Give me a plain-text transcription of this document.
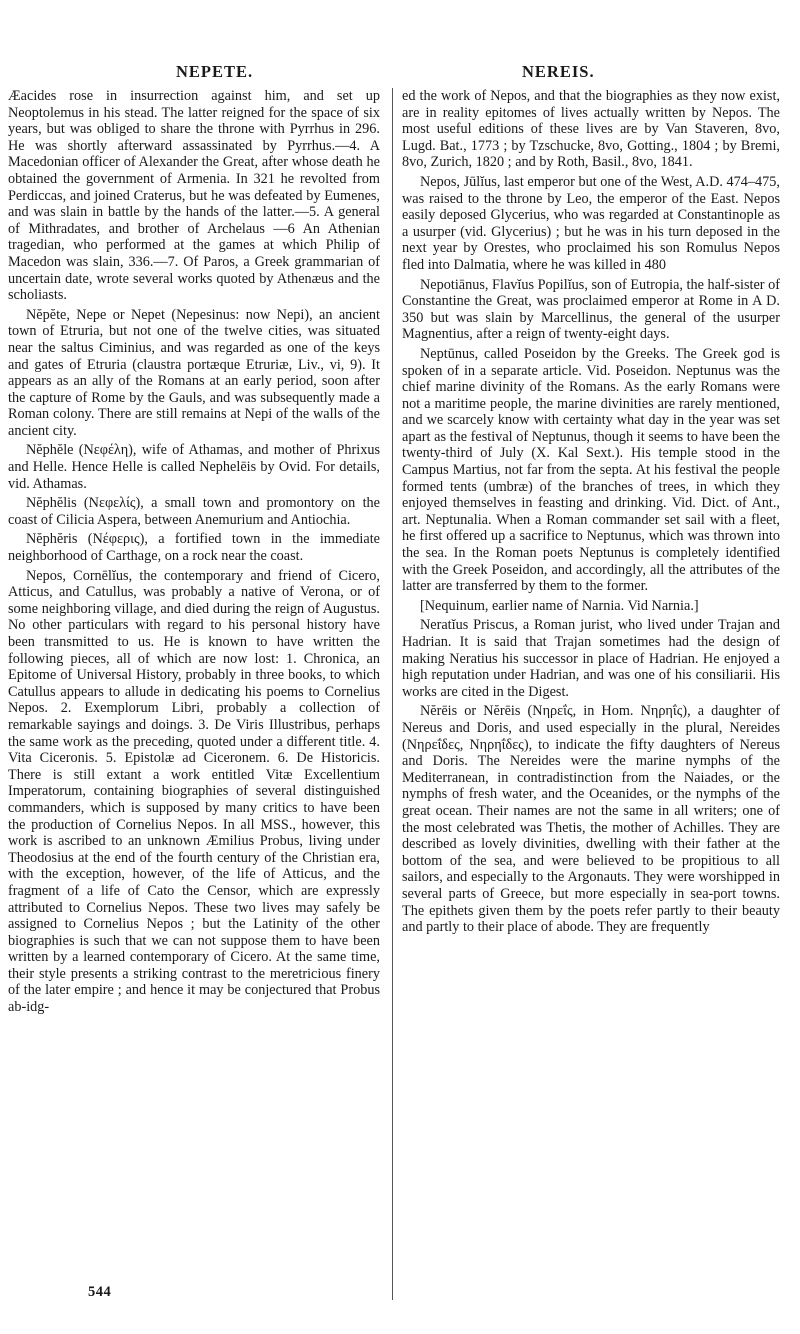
NEPETE.	NEREIS.

Æacides rose in insurrection against him, and set up Neoptolemus in his stead. The latter reigned for the space of six years, but was obliged to share the throne with Pyrrhus in 296. He was shortly afterward assassinated by Pyrrhus.—4. A Macedonian officer of Alexander the Great, after whose death he obtained the government of Armenia. In 321 he revolted from Perdiccas, and joined Craterus, but he was defeated by Eumenes, and was slain in battle by the hands of the latter.—5. A general of Mithradates, and brother of Archelaus —6 An Athenian tragedian, who performed at the games at which Philip of Macedon was slain, 336.—7. Of Paros, a Greek grammarian of uncertain date, wrote several works quoted by Athenæus and the scholiasts.

Nĕpĕte, Nepe or Nepet (Nepesinus: now Nepi), an ancient town of Etruria, but not one of the twelve cities, was situated near the saltus Ciminius, and was regarded as one of the keys and gates of Etruria (claustra portæque Etruriæ, Liv., vi, 9). It appears as an ally of the Romans at an early period, soon after the capture of Rome by the Gauls, and was subsequently made a Roman colony. There are still remains at Nepi of the walls of the ancient city.

Nĕphĕle (Νεφέλη), wife of Athamas, and mother of Phrixus and Helle. Hence Helle is called Nephelēis by Ovid. For details, vid. Athamas.

Nĕphĕlis (Νεφελίς), a small town and promontory on the coast of Cilicia Aspera, between Anemurium and Antiochia.

Nĕphĕris (Νέφερις), a fortified town in the immediate neighborhood of Carthage, on a rock near the coast.

Nepos, Cornēlĭus, the contemporary and friend of Cicero, Atticus, and Catullus, was probably a native of Verona, or of some neighboring village, and died during the reign of Augustus. No other particulars with regard to his personal history have been transmitted to us. He is known to have written the following pieces, all of which are now lost: 1. Chronica, an Epitome of Universal History, probably in three books, to which Catullus appears to allude in dedicating his poems to Cornelius Nepos. 2. Exemplorum Libri, probably a collection of remarkable sayings and doings. 3. De Viris Illustribus, perhaps the same work as the preceding, quoted under a different title. 4. Vita Ciceronis. 5. Epistolæ ad Ciceronem. 6. De Historicis. There is still extant a work entitled Vitæ Excellentium Imperatorum, containing biographies of several distinguished commanders, which is supposed by many critics to have been the production of Cornelius Nepos. In all MSS., however, this work is ascribed to an unknown Æmilius Probus, living under Theodosius at the end of the fourth century of the Christian era, with the exception, however, of the life of Atticus, and the fragment of a life of Cato the Censor, which are expressly attributed to Cornelius Nepos. These two lives may safely be assigned to Cornelius Nepos ; but the Latinity of the other biographies is such that we can not suppose them to have been written by a learned contemporary of Cicero. At the same time, their style presents a striking contrast to the meretricious finery of the later empire ; and hence it may be conjectured that Probus ab-idg-

ed the work of Nepos, and that the biographies as they now exist, are in reality epitomes of lives actually written by Nepos. The most useful editions of these lives are by Van Staveren, 8vo, Lugd. Bat., 1773 ; by Tzschucke, 8vo, Gotting., 1804 ; by Bremi, 8vo, Zurich, 1820 ; and by Roth, Basil., 8vo, 1841.

Nepos, Jūlĭus, last emperor but one of the West, A.D. 474–475, was raised to the throne by Leo, the emperor of the East. Nepos easily deposed Glycerius, who was regarded at Constantinople as a usurper (vid. Glycerius) ; but he was in his turn deposed in the next year by Orestes, who proclaimed his son Romulus Nepos fled into Dalmatia, where he was killed in 480

Nepotiānus, Flavĭus Popilĭus, son of Eutropia, the half-sister of Constantine the Great, was proclaimed emperor at Rome in A D. 350 but was slain by Marcellinus, the general of the usurper Magnentius, after a reign of twenty-eight days.

Neptūnus, called Poseidon by the Greeks. The Greek god is spoken of in a separate article. Vid. Poseidon. Neptunus was the chief marine divinity of the Romans. As the early Romans were not a maritime people, the marine divinities are rarely mentioned, and we scarcely know with certainty what day in the year was set apart as the festival of Neptunus, though it seems to have been the twenty-third of July (X. Kal Sext.). His temple stood in the Campus Martius, not far from the septa. At his festival the people formed tents (umbræ) of the branches of trees, in which they enjoyed themselves in feasting and drinking. Vid. Dict. of Ant., art. Neptunalia. When a Roman commander set sail with a fleet, he first offered up a sacrifice to Neptunus, which was thrown into the sea. In the Roman poets Neptunus is completely identified with the Greek Poseidon, and accordingly, all the attributes of the latter are transferred by them to the former.

[Nequinum, earlier name of Narnia. Vid Narnia.]

Neratĭus Priscus, a Roman jurist, who lived under Trajan and Hadrian. It is said that Trajan sometimes had the design of making Neratius his successor in place of Hadrian. He enjoyed a high reputation under Hadrian, and was one of his consiliarii. His works are cited in the Digest.

Nĕrēis or Nĕrēis (Νηρεΐς, in Hom. Νηρηΐς), a daughter of Nereus and Doris, and used especially in the plural, Nereides (Νηρεΐδες, Νηρηΐδες), to indicate the fifty daughters of Nereus and Doris. The Nereides were the marine nymphs of the Mediterranean, in contradistinction from the Naiades, or the nymphs of fresh water, and the Oceanides, or the nymphs of the great ocean. Their names are not the same in all writers; one of the most celebrated was Thetis, the mother of Achilles. They are described as lovely divinities, dwelling with their father at the bottom of the sea, and were believed to be propitious to all sailors, and especially to the Argonauts. They were worshipped in several parts of Greece, but more especially in sea-port towns. The epithets given them by the poets refer partly to their beauty and partly to their place of abode. They are frequently

544
